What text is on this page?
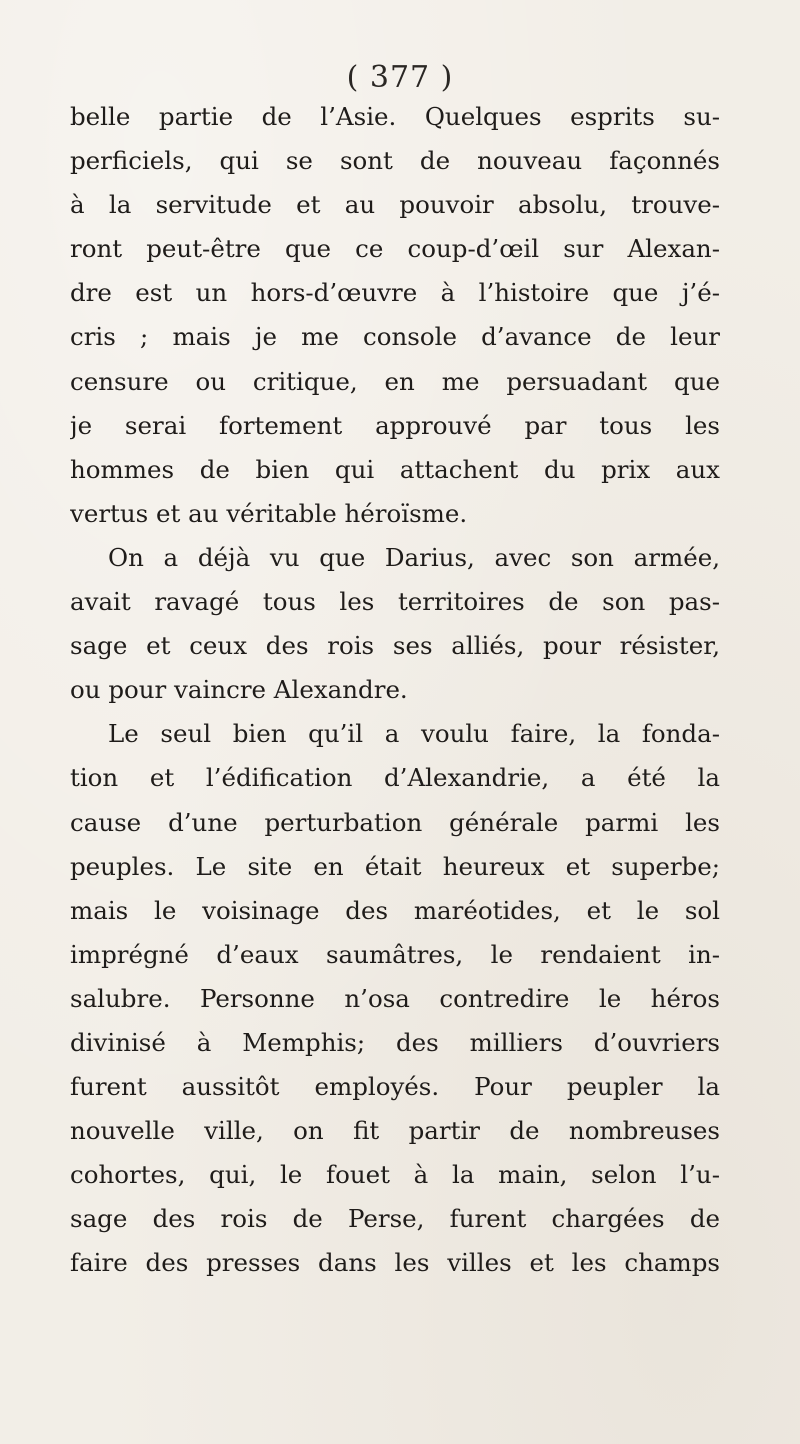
( 377 )
belle partie de l’Asie. Quelques esprits su-
perficiels, qui se sont de nouveau façonnés
à la servitude et au pouvoir absolu, trouve-
ront peut-être que ce coup-d’œil sur Alexan-
dre est un hors-d’œuvre à l’histoire que j’é-
cris ; mais je me console d’avance de leur
censure ou critique, en me persuadant que
je serai fortement approuvé par tous les
hommes de bien qui attachent du prix aux
vertus et au véritable héroïsme.
On a déjà vu que Darius, avec son armée,
avait ravagé tous les territoires de son pas-
sage et ceux des rois ses alliés, pour résister,
ou pour vaincre Alexandre.
Le seul bien qu’il a voulu faire, la fonda-
tion et l’édification d’Alexandrie, a été la
cause d’une perturbation générale parmi les
peuples. Le site en était heureux et superbe;
mais le voisinage des maréotides, et le sol
imprégné d’eaux saumâtres, le rendaient in-
salubre. Personne n’osa contredire le héros
divinisé à Memphis; des milliers d’ouvriers
furent aussitôt employés. Pour peupler la
nouvelle ville, on fit partir de nombreuses
cohortes, qui, le fouet à la main, selon l’u-
sage des rois de Perse, furent chargées de
faire des presses dans les villes et les champs
